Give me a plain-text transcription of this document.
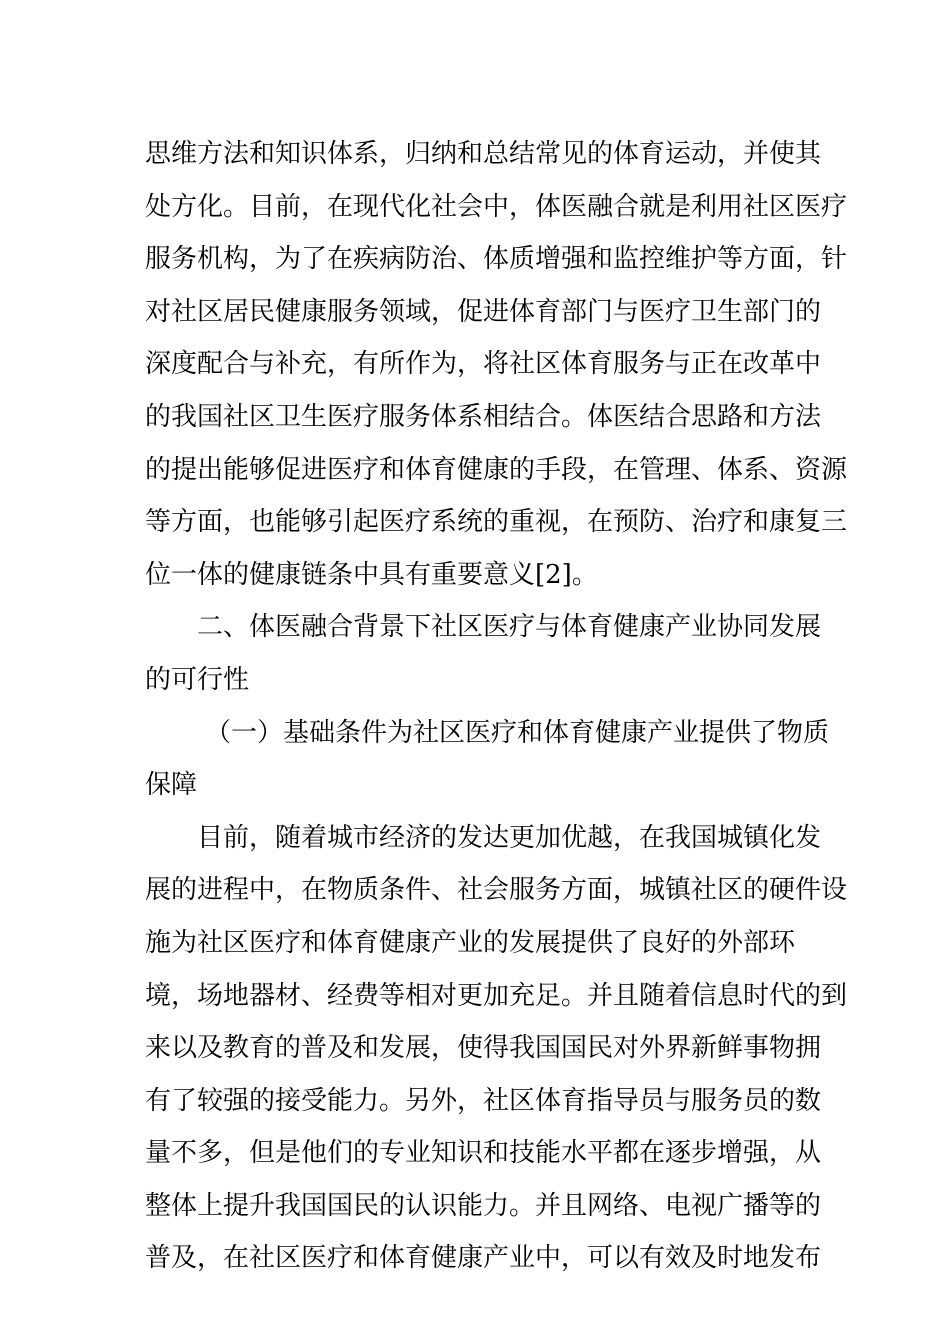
思维方法和知识体系，归纳和总结常见的体育运动，并使其
处方化。目前，在现代化社会中，体医融合就是利用社区医疗
服务机构，为了在疾病防治、体质增强和监控维护等方面，针
对社区居民健康服务领域，促进体育部门与医疗卫生部门的
深度配合与补充，有所作为，将社区体育服务与正在改革中
的我国社区卫生医疗服务体系相结合。体医结合思路和方法
的提出能够促进医疗和体育健康的手段，在管理、体系、资源
等方面，也能够引起医疗系统的重视，在预防、治疗和康复三
位一体的健康链条中具有重要意义[2]。
二、体医融合背景下社区医疗与体育健康产业协同发展
的可行性
（一）基础条件为社区医疗和体育健康产业提供了物质
保障
目前，随着城市经济的发达更加优越，在我国城镇化发
展的进程中，在物质条件、社会服务方面，城镇社区的硬件设
施为社区医疗和体育健康产业的发展提供了良好的外部环
境，场地器材、经费等相对更加充足。并且随着信息时代的到
来以及教育的普及和发展，使得我国国民对外界新鲜事物拥
有了较强的接受能力。另外，社区体育指导员与服务员的数
量不多，但是他们的专业知识和技能水平都在逐步增强，从
整体上提升我国国民的认识能力。并且网络、电视广播等的
普及，在社区医疗和体育健康产业中，可以有效及时地发布
